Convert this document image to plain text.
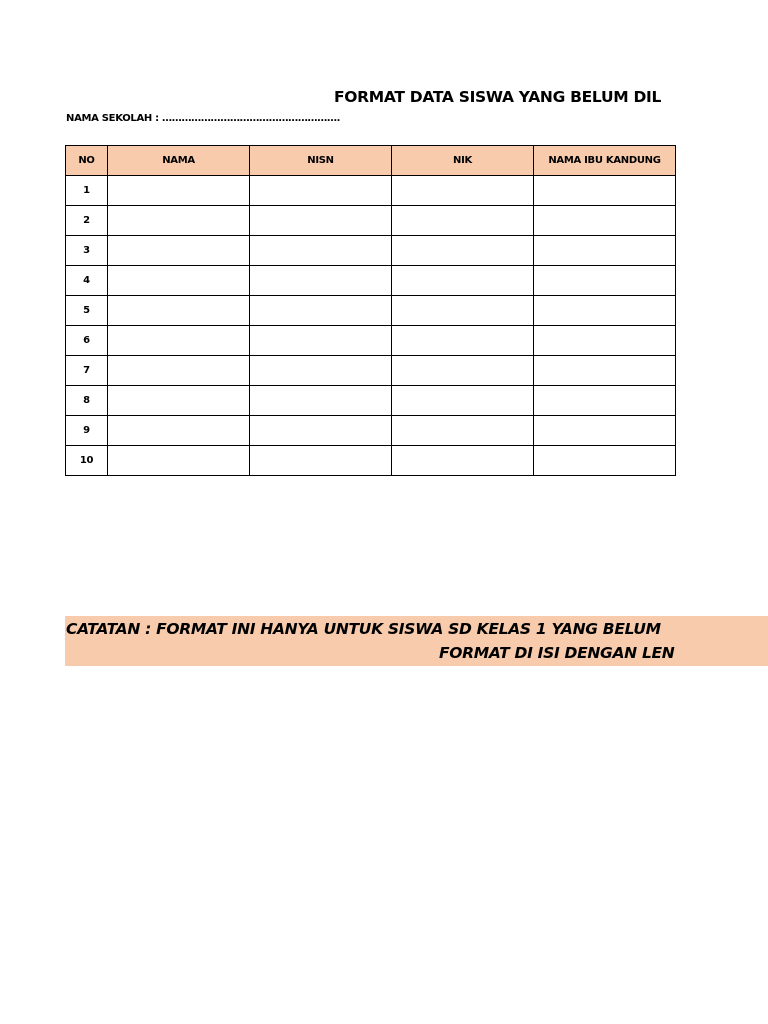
FORMAT DATA SISWA YANG BELUM DIL
NAMA SEKOLAH : ……………………………………………….
NO	NAMA	NISN	NIK	NAMA IBU KANDUNG
1				
2				
3				
4				
5				
6				
7				
8				
9				
10				
CATATAN : FORMAT INI HANYA UNTUK SISWA SD KELAS 1 YANG BELUM
FORMAT DI ISI DENGAN LEN
